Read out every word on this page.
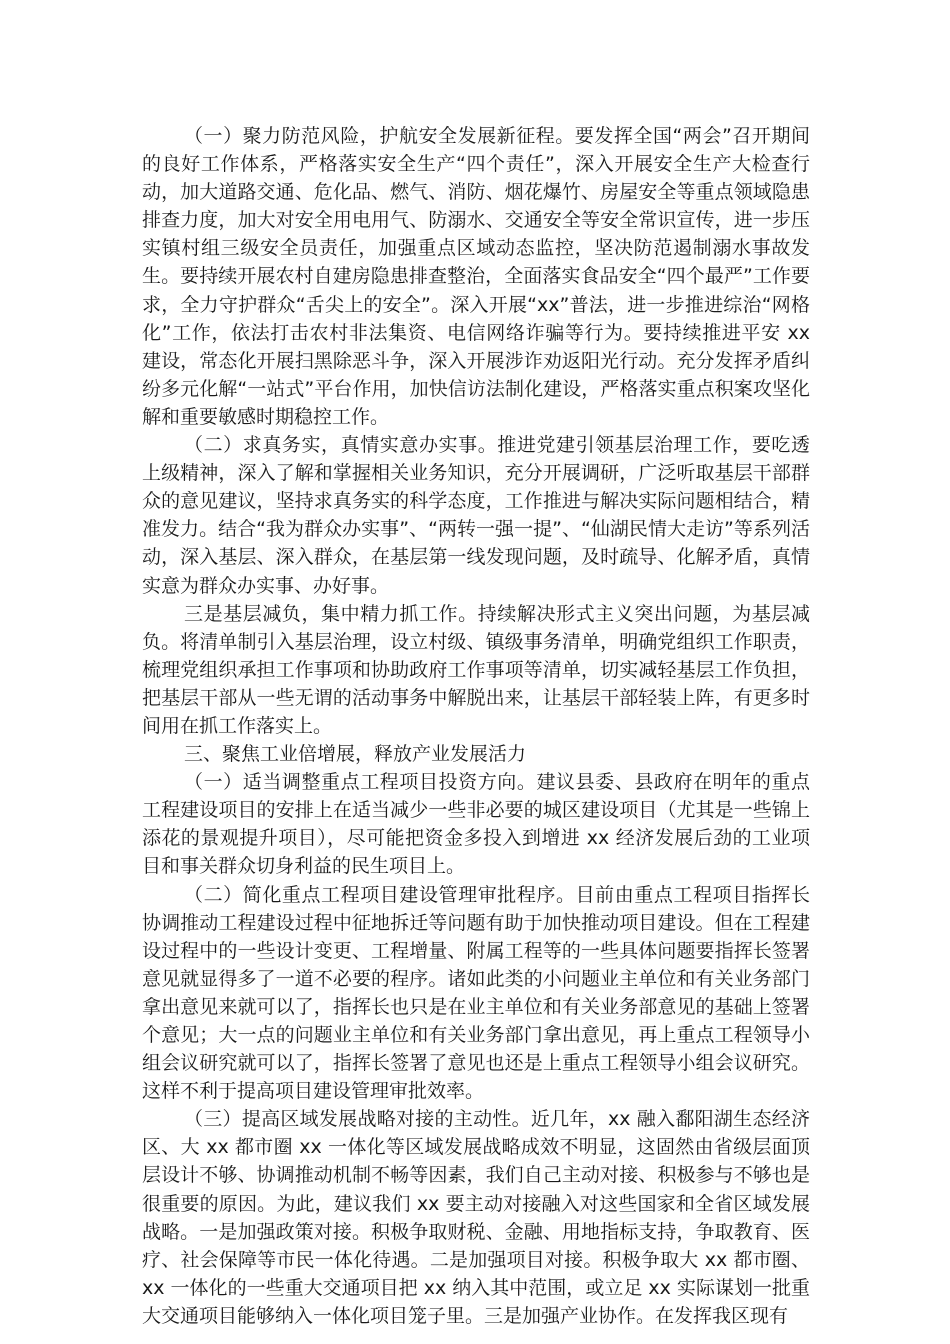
（一）聚力防范风险，护航安全发展新征程。要发挥全国“两会”召开期间的良好工作体系，严格落实安全生产“四个责任”，深入开展安全生产大检查行动，加大道路交通、危化品、燃气、消防、烟花爆竹、房屋安全等重点领域隐患排查力度，加大对安全用电用气、防溺水、交通安全等安全常识宣传，进一步压实镇村组三级安全员责任，加强重点区域动态监控，坚决防范遏制溺水事故发生。要持续开展农村自建房隐患排查整治，全面落实食品安全“四个最严”工作要求，全力守护群众“舌尖上的安全”。深入开展“xx”普法，进一步推进综治“网格化”工作，依法打击农村非法集资、电信网络诈骗等行为。要持续推进平安 xx 建设，常态化开展扫黑除恶斗争，深入开展涉诈劝返阳光行动。充分发挥矛盾纠纷多元化解“一站式”平台作用，加快信访法制化建设，严格落实重点积案攻坚化解和重要敏感时期稳控工作。

（二）求真务实，真情实意办实事。推进党建引领基层治理工作，要吃透上级精神，深入了解和掌握相关业务知识，充分开展调研，广泛听取基层干部群众的意见建议，坚持求真务实的科学态度，工作推进与解决实际问题相结合，精准发力。结合“我为群众办实事”、“两转一强一提”、“仙湖民情大走访”等系列活动，深入基层、深入群众，在基层第一线发现问题，及时疏导、化解矛盾，真情实意为群众办实事、办好事。

三是基层减负，集中精力抓工作。持续解决形式主义突出问题，为基层减负。将清单制引入基层治理，设立村级、镇级事务清单，明确党组织工作职责，梳理党组织承担工作事项和协助政府工作事项等清单，切实减轻基层工作负担，把基层干部从一些无谓的活动事务中解脱出来，让基层干部轻装上阵，有更多时间用在抓工作落实上。

三、聚焦工业倍增展，释放产业发展活力

（一）适当调整重点工程项目投资方向。建议县委、县政府在明年的重点工程建设项目的安排上在适当减少一些非必要的城区建设项目（尤其是一些锦上添花的景观提升项目），尽可能把资金多投入到增进 xx 经济发展后劲的工业项目和事关群众切身利益的民生项目上。

（二）简化重点工程项目建设管理审批程序。目前由重点工程项目指挥长协调推动工程建设过程中征地拆迁等问题有助于加快推动项目建设。但在工程建设过程中的一些设计变更、工程增量、附属工程等的一些具体问题要指挥长签署意见就显得多了一道不必要的程序。诸如此类的小问题业主单位和有关业务部门拿出意见来就可以了，指挥长也只是在业主单位和有关业务部意见的基础上签署个意见；大一点的问题业主单位和有关业务部门拿出意见，再上重点工程领导小组会议研究就可以了，指挥长签署了意见也还是上重点工程领导小组会议研究。这样不利于提高项目建设管理审批效率。

（三）提高区域发展战略对接的主动性。近几年，xx 融入鄱阳湖生态经济区、大 xx 都市圈 xx 一体化等区域发展战略成效不明显，这固然由省级层面顶层设计不够、协调推动机制不畅等因素，我们自己主动对接、积极参与不够也是很重要的原因。为此，建议我们 xx 要主动对接融入对这些国家和全省区域发展战略。一是加强政策对接。积极争取财税、金融、用地指标支持，争取教育、医疗、社会保障等市民一体化待遇。二是加强项目对接。积极争取大 xx 都市圈、xx 一体化的一些重大交通项目把 xx 纳入其中范围，或立足 xx 实际谋划一批重大交通项目能够纳入一体化项目笼子里。三是加强产业协作。在发挥我区现有
